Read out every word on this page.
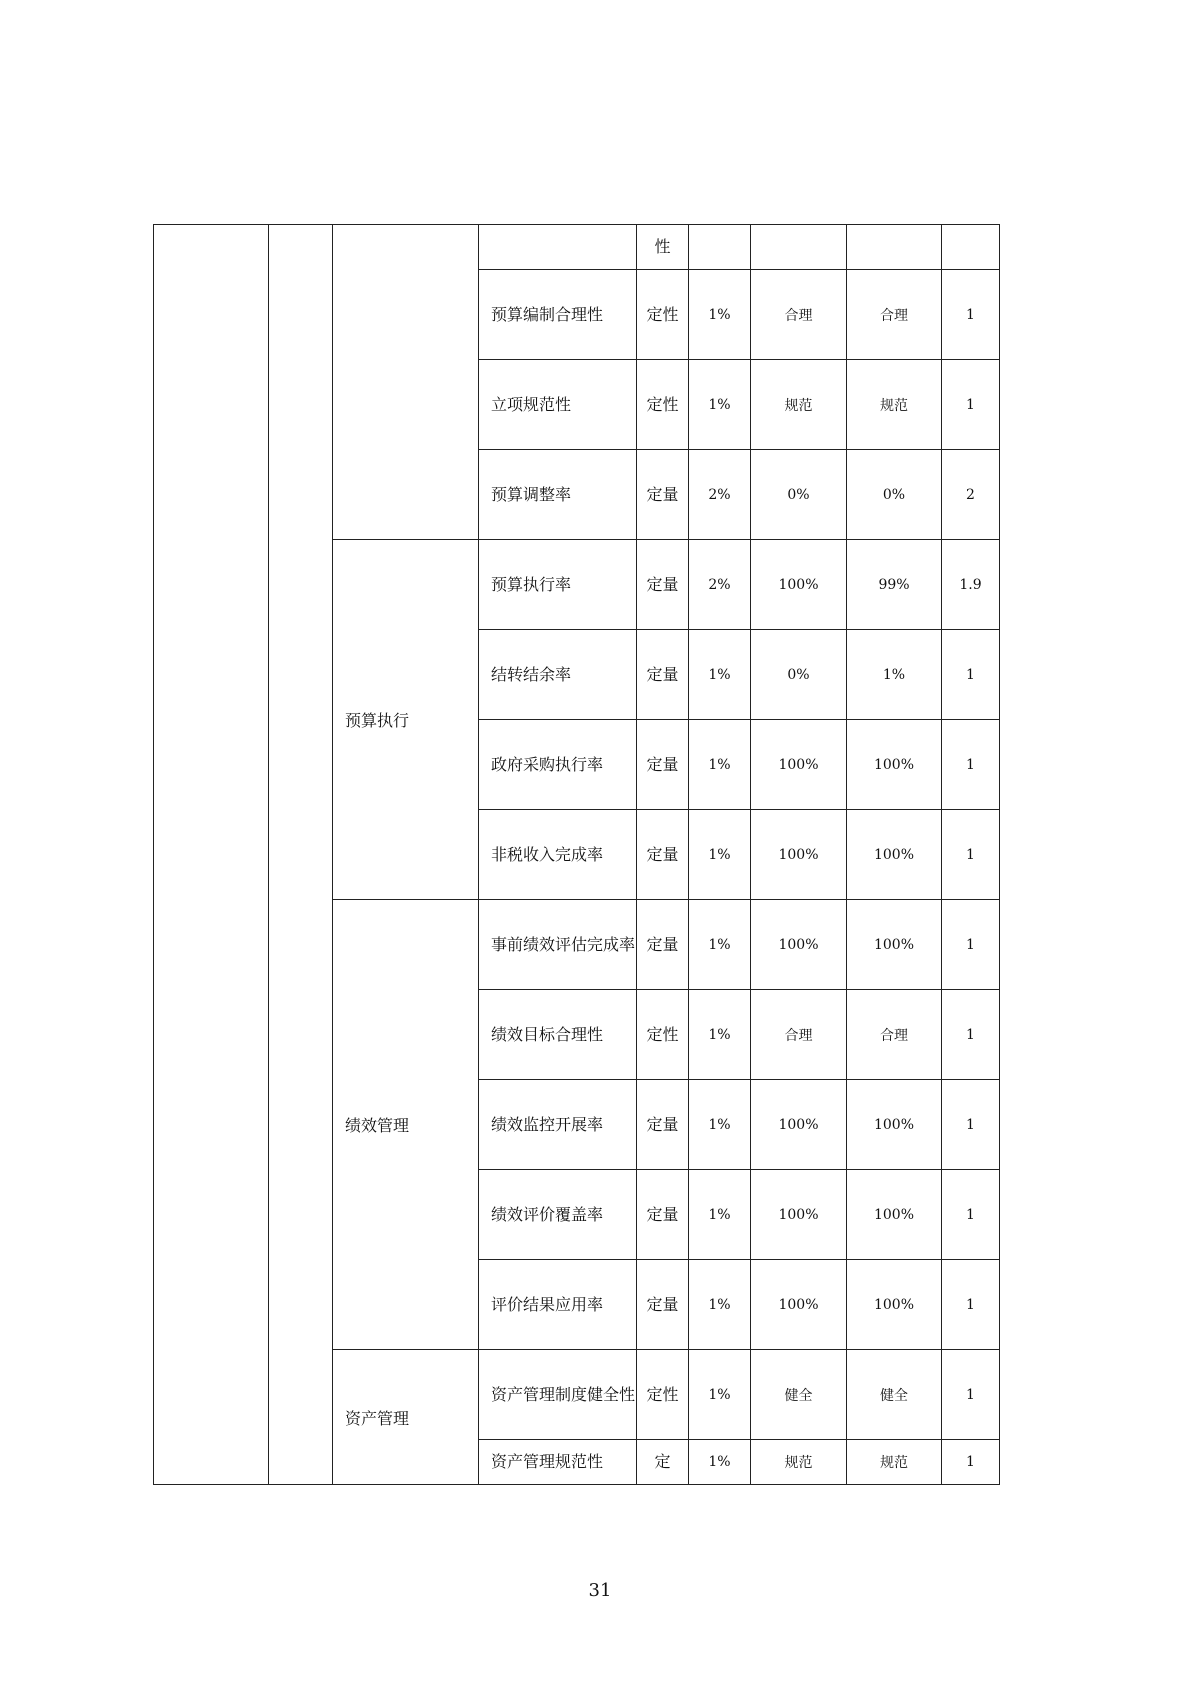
				性				
			预算编制合理性	定性	1%	合理	合理	1
			立项规范性	定性	1%	规范	规范	1
			预算调整率	定量	2%	0%	0%	2
		预算执行	预算执行率	定量	2%	100%	99%	1.9
			结转结余率	定量	1%	0%	1%	1
			政府采购执行率	定量	1%	100%	100%	1
			非税收入完成率	定量	1%	100%	100%	1
		绩效管理	事前绩效评估完成率	定量	1%	100%	100%	1
			绩效目标合理性	定性	1%	合理	合理	1
			绩效监控开展率	定量	1%	100%	100%	1
			绩效评价覆盖率	定量	1%	100%	100%	1
			评价结果应用率	定量	1%	100%	100%	1
		资产管理	资产管理制度健全性	定性	1%	健全	健全	1
			资产管理规范性	定	1%	规范	规范	1
31
